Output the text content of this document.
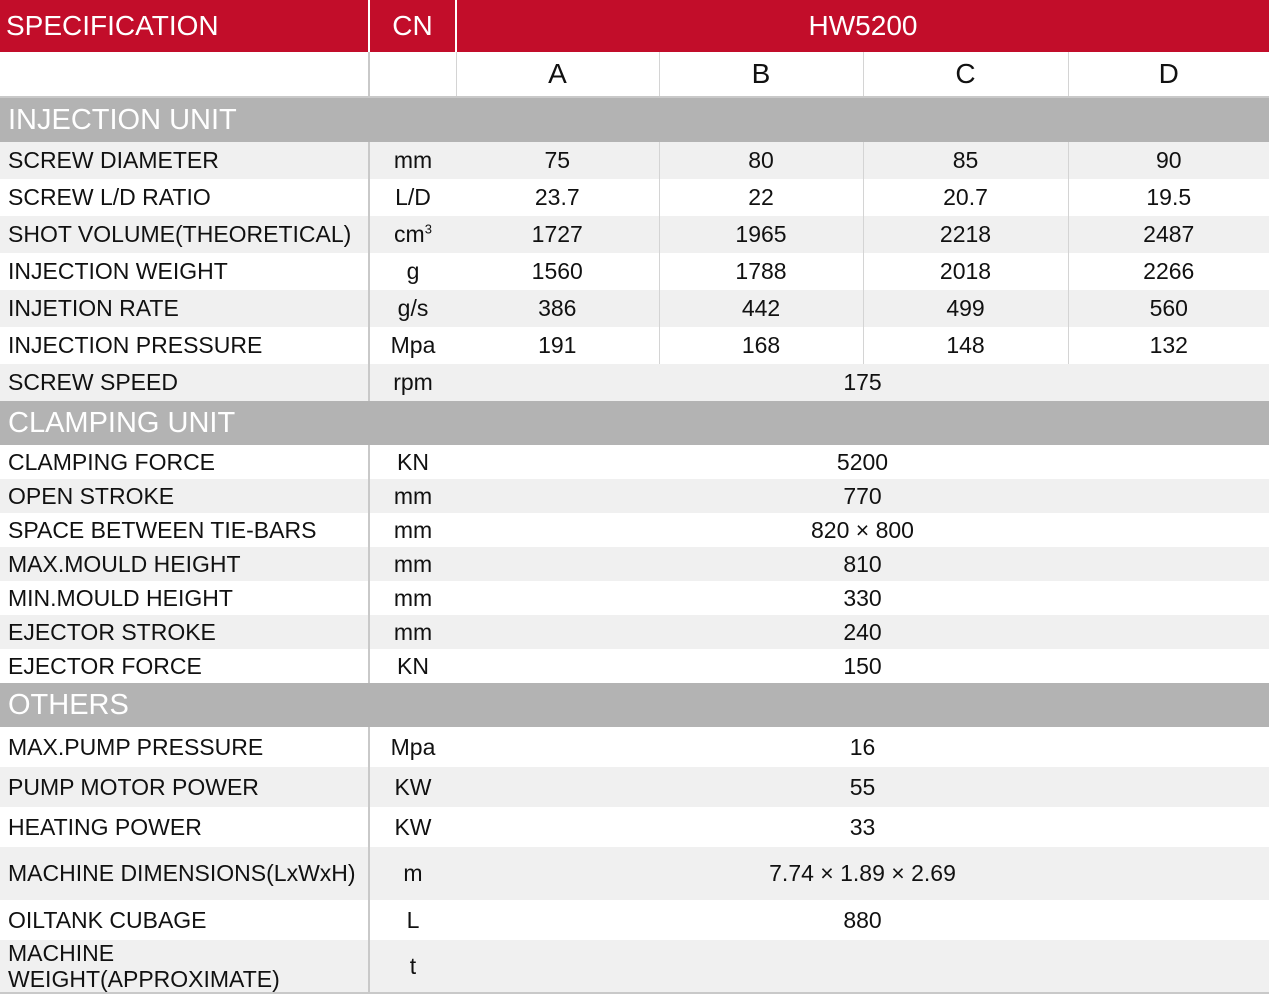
SPECIFICATION	CN	HW5200			
		A	B	C	D
INJECTION UNIT					
SCREW DIAMETER	mm	75	80	85	90
SCREW L/D RATIO	L/D	23.7	22	20.7	19.5
SHOT VOLUME(THEORETICAL)	$cm^3$	1727	1965	2218	2487
INJECTION WEIGHT	g	1560	1788	2018	2266
INJETION RATE	g/s	386	442	499	560
INJECTION PRESSURE	Mpa	191	168	148	132
SCREW SPEED	rpm	175			
CLAMPING UNIT					
CLAMPING FORCE	KN	5200			
OPEN STROKE	mm	770			
SPACE BETWEEN TIE-BARS	mm	820 × 800			
MAX.MOULD HEIGHT	mm	810			
MIN.MOULD HEIGHT	mm	330			
EJECTOR STROKE	mm	240			
EJECTOR FORCE	KN	150			
OTHERS					
MAX.PUMP PRESSURE	Mpa	16			
PUMP MOTOR POWER	KW	55			
HEATING POWER	KW	33			
MACHINE DIMENSIONS(LxWxH)	m	7.74 × 1.89 × 2.69			
OILTANK CUBAGE	L	880			
MACHINE
WEIGHT(APPROXIMATE)	t				
